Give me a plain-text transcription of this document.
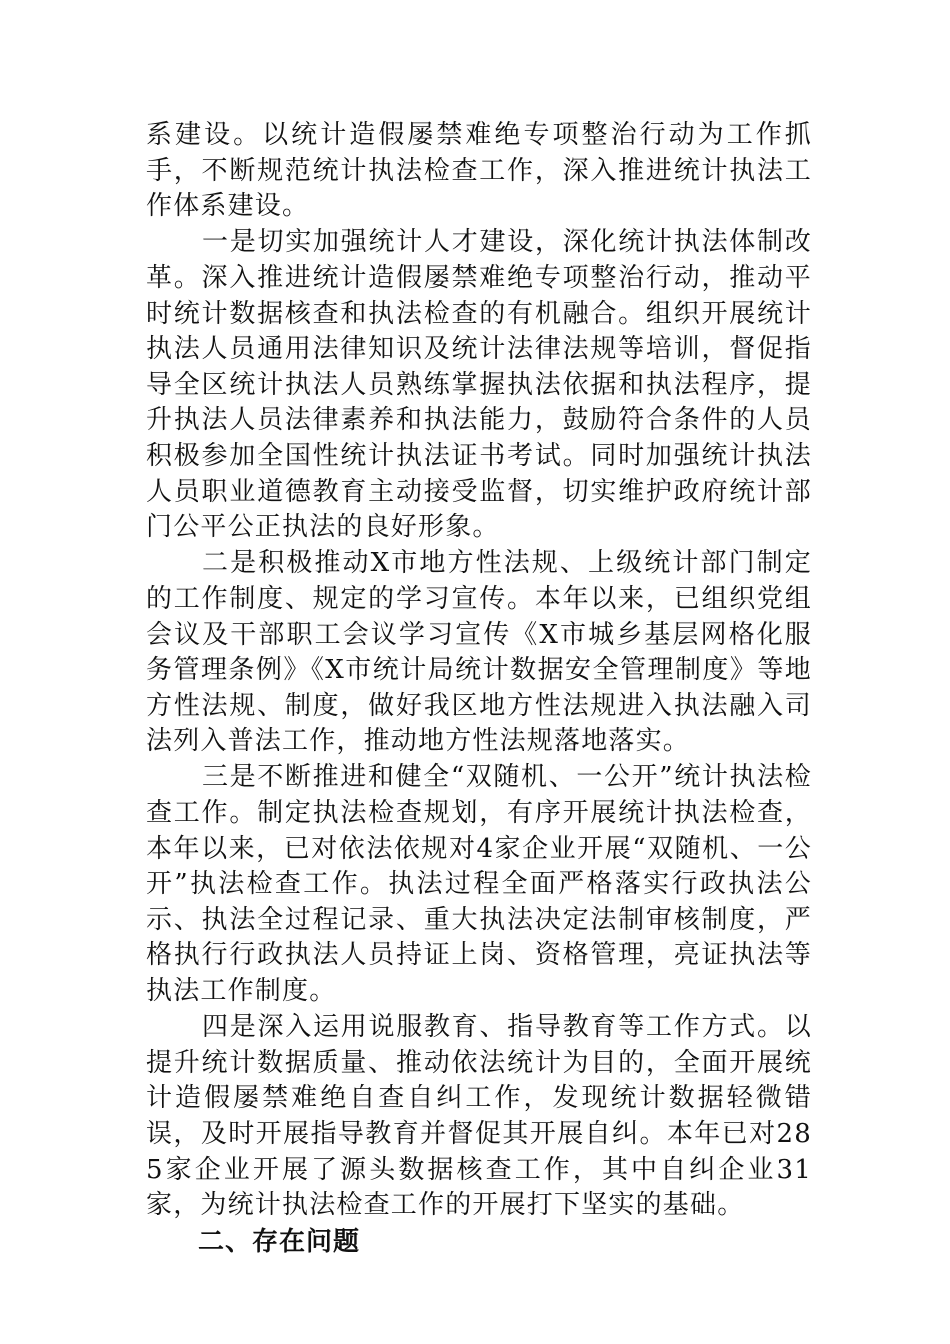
系建设。以统计造假屡禁难绝专项整治行动为工作抓手，不断规范统计执法检查工作，深入推进统计执法工作体系建设。

一是切实加强统计人才建设，深化统计执法体制改革。深入推进统计造假屡禁难绝专项整治行动，推动平时统计数据核查和执法检查的有机融合。组织开展统计执法人员通用法律知识及统计法律法规等培训，督促指导全区统计执法人员熟练掌握执法依据和执法程序，提升执法人员法律素养和执法能力，鼓励符合条件的人员积极参加全国性统计执法证书考试。同时加强统计执法人员职业道德教育主动接受监督，切实维护政府统计部门公平公正执法的良好形象。

二是积极推动X市地方性法规、上级统计部门制定的工作制度、规定的学习宣传。本年以来，已组织党组会议及干部职工会议学习宣传《X市城乡基层网格化服务管理条例》《X市统计局统计数据安全管理制度》等地方性法规、制度，做好我区地方性法规进入执法融入司法列入普法工作，推动地方性法规落地落实。

三是不断推进和健全“双随机、一公开”统计执法检查工作。制定执法检查规划，有序开展统计执法检查，本年以来，已对依法依规对4家企业开展“双随机、一公开”执法检查工作。执法过程全面严格落实行政执法公示、执法全过程记录、重大执法决定法制审核制度，严格执行行政执法人员持证上岗、资格管理，亮证执法等执法工作制度。

四是深入运用说服教育、指导教育等工作方式。以提升统计数据质量、推动依法统计为目的，全面开展统计造假屡禁难绝自查自纠工作，发现统计数据轻微错误，及时开展指导教育并督促其开展自纠。本年已对285家企业开展了源头数据核查工作，其中自纠企业31家，为统计执法检查工作的开展打下坚实的基础。

二、存在问题
